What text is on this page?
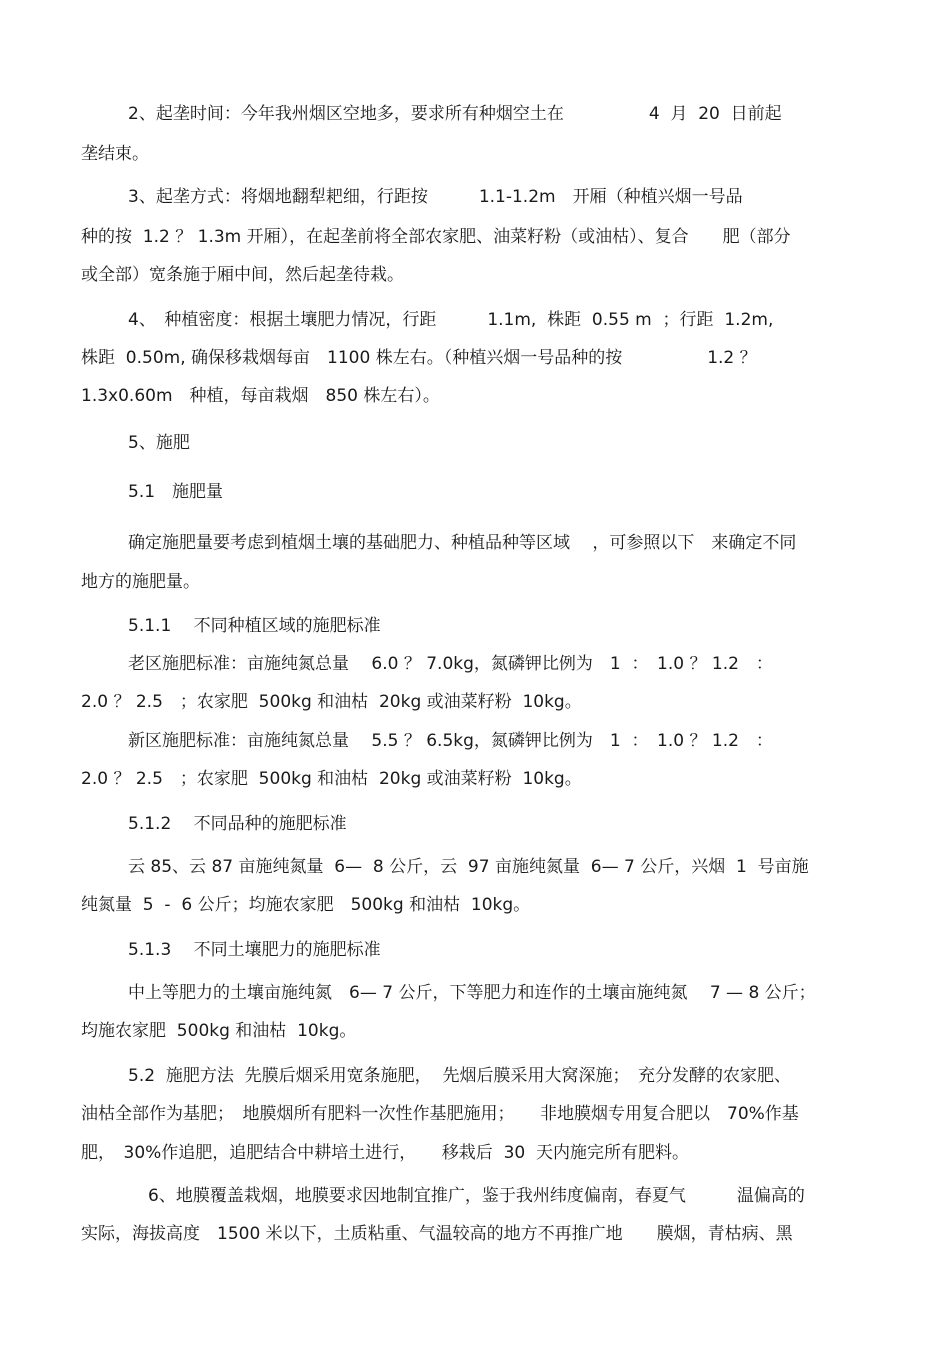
2、起垄时间：今年我州烟区空地多，要求所有种烟空土在　　　　　4  月  20  日前起

垄结束。

3、起垄方式：将烟地翻犁耙细，行距按　　　1.1-1.2m　开厢（种植兴烟一号品

种的按  1.2 ？ 1.3m 开厢），在起垄前将全部农家肥、油菜籽粉（或油枯）、复合　　肥（部分

或全部）宽条施于厢中间，然后起垄待栽。

4、　种植密度：根据土壤肥力情况，行距　　　1.1m,  株距  0.55 m  ；行距  1.2m,

株距  0.50m, 确保移栽烟每亩　1100 株左右。（种植兴烟一号品种的按　　　　　1.2 ？

1.3x0.60m　种植，每亩栽烟　850 株左右）。

5、施肥

5.1　施肥量

确定施肥量要考虑到植烟土壤的基础肥力、种植品种等区域　 ，可参照以下　来确定不同

地方的施肥量。

5.1.1　 不同种植区域的施肥标准

老区施肥标准：亩施纯氮总量　 6.0 ？ 7.0kg，氮磷钾比例为　1  ：　1.0 ？ 1.2　：

2.0 ？ 2.5　；农家肥  500kg 和油枯  20kg 或油菜籽粉  10kg。

新区施肥标准：亩施纯氮总量　 5.5 ？ 6.5kg，氮磷钾比例为　1  ：　1.0 ？ 1.2　：

2.0 ？ 2.5　；农家肥  500kg 和油枯  20kg 或油菜籽粉  10kg。

5.1.2　 不同品种的施肥标准

云 85、云 87 亩施纯氮量  6—  8 公斤，云  97 亩施纯氮量  6— 7 公斤，兴烟  1  号亩施

纯氮量  5  -  6 公斤；均施农家肥　500kg 和油枯  10kg。

5.1.3　 不同土壤肥力的施肥标准

中上等肥力的土壤亩施纯氮　6— 7 公斤，下等肥力和连作的土壤亩施纯氮　 7 — 8 公斤；

均施农家肥  500kg 和油枯  10kg。

5.2  施肥方法  先膜后烟采用宽条施肥，  先烟后膜采用大窝深施；　充分发酵的农家肥、

油枯全部作为基肥；　地膜烟所有肥料一次性作基肥施用；　　非地膜烟专用复合肥以　70%作基

肥，　30%作追肥，追肥结合中耕培土进行，　　移栽后  30  天内施完所有肥料。

6、地膜覆盖栽烟，地膜要求因地制宜推广，鉴于我州纬度偏南，春夏气　　　温偏高的

实际，海拔高度　1500 米以下，土质粘重、气温较高的地方不再推广地　　膜烟，青枯病、黑
